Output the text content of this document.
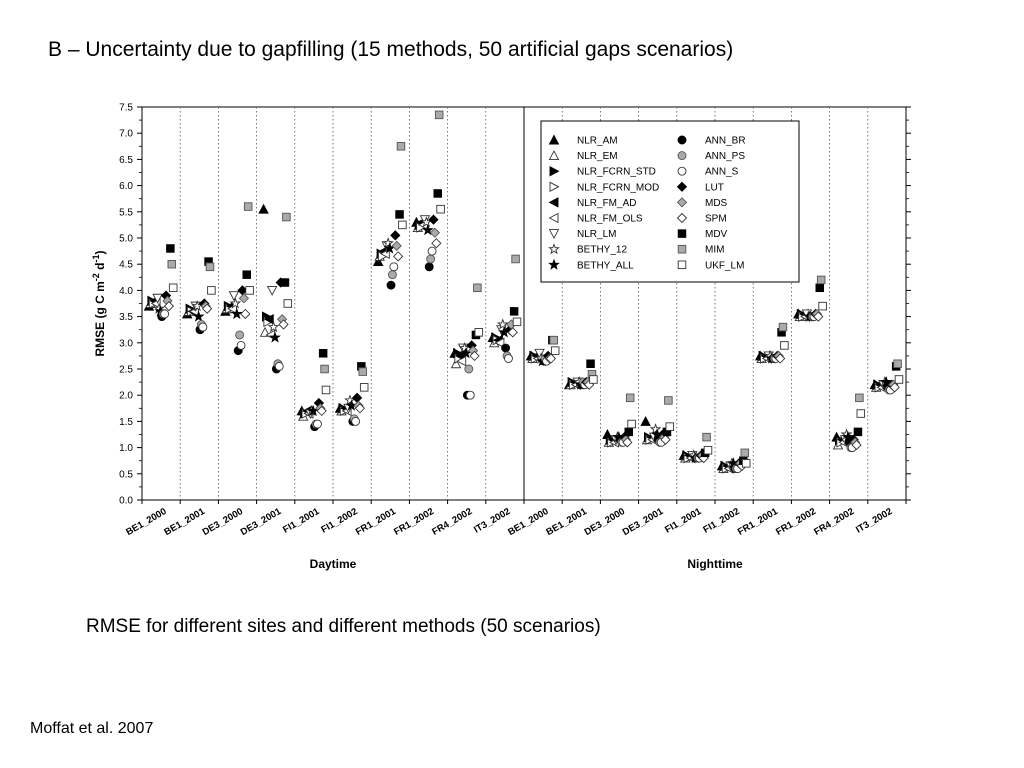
B – Uncertainty due to gapfilling (15 methods, 50 artificial gaps scenarios)
0.0
0.5
1.0
1.5
2.0
2.5
3.0
3.5
4.0
4.5
5.0
5.5
6.0
6.5
7.0
7.5
BE1_2000
BE1_2001
DE3_2000
DE3_2001
FI1_2001
FI1_2002
FR1_2001
FR1_2002
FR4_2002
IT3_2002
BE1_2000
BE1_2001
DE3_2000
DE3_2001
FI1_2001
FI1_2002
FR1_2001
FR1_2002
FR4_2002
IT3_2002
Daytime	Nighttime
RMSE (g C $m^{-2}$ $d^{-1}$)
NLR_AM
NLR_EM
NLR_FCRN_STD
NLR_FCRN_MOD
NLR_FM_AD
NLR_FM_OLS
NLR_LM
BETHY_12
BETHY_ALL
ANN_BR
ANN_PS
ANN_S
LUT
MDS
SPM
MDV
MIM
UKF_LM
RMSE for different sites and different methods (50 scenarios)
Moffat et al. 2007
